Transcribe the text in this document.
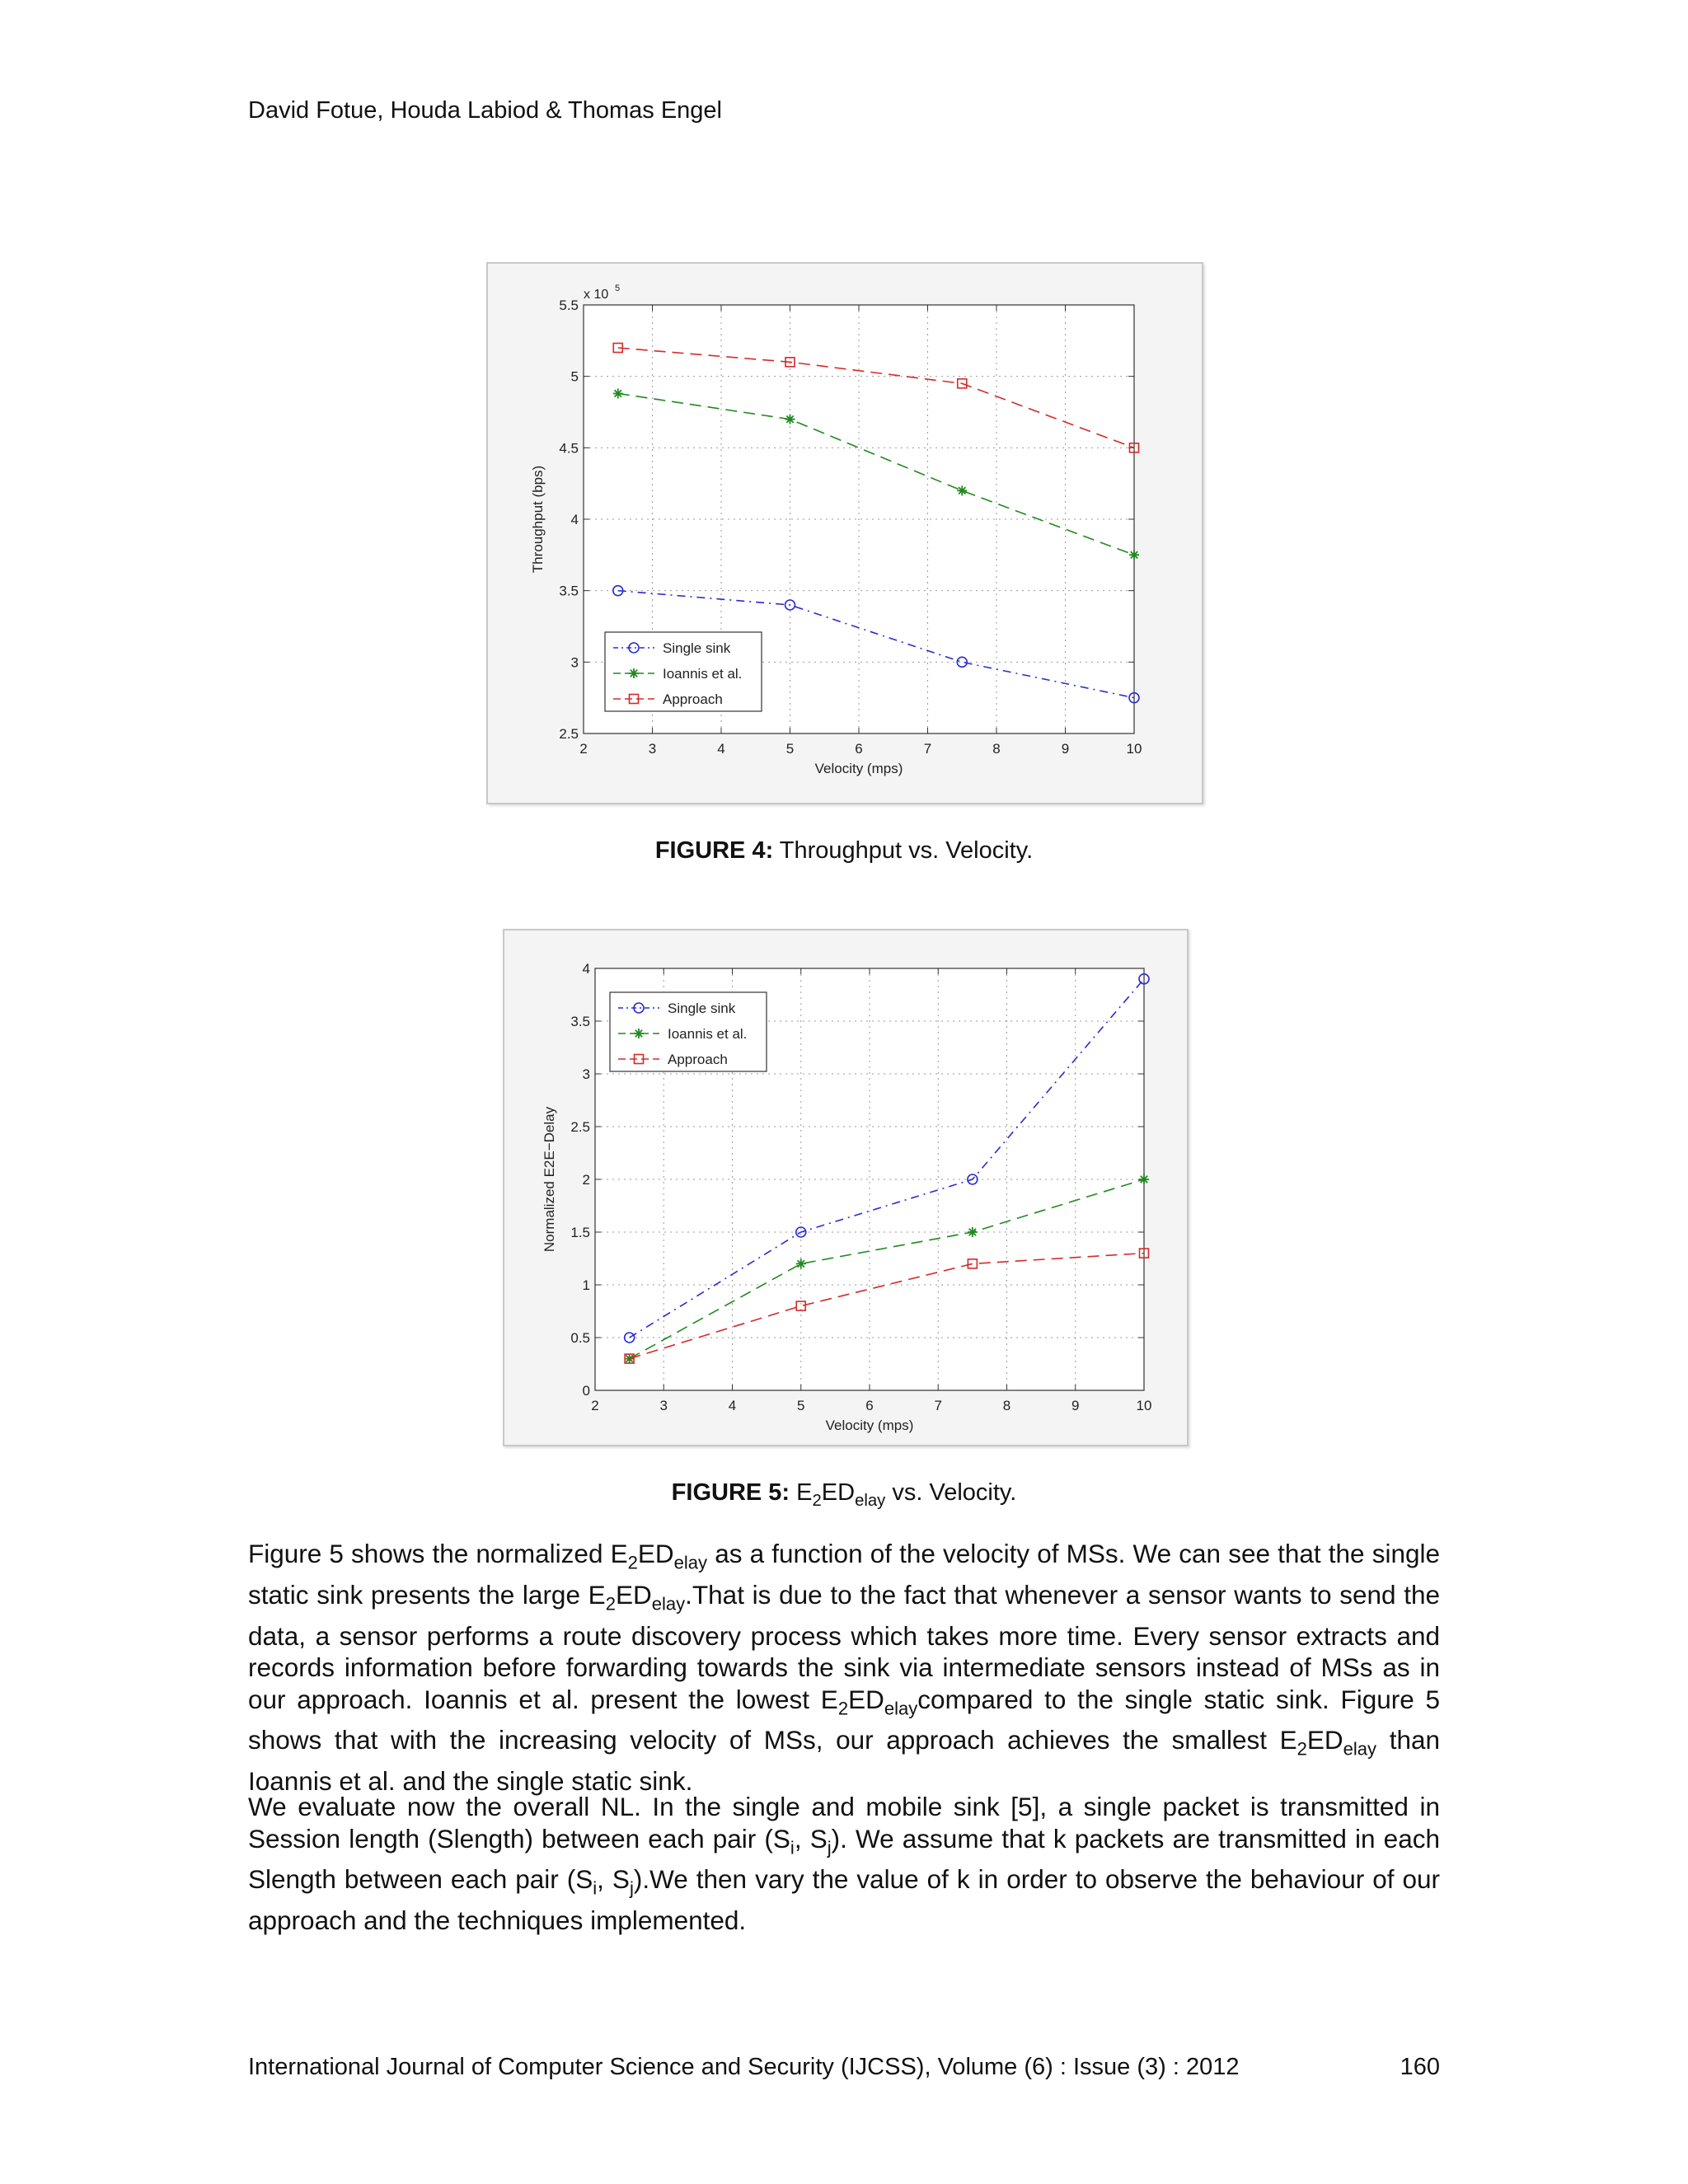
David Fotue, Houda Labiod & Thomas Engel
2	3	4	5	6	7	8	9	10
2.5
3
3.5
4
4.5
5
5.5
Velocity (mps)
Throughput (bps)
x 10 5
Single sink
Ioannis et al.
Approach
FIGURE 4: Throughput vs. Velocity.
2	3	4	5	6	7	8	9	10
0
0.5
1
1.5
2
2.5
3
3.5
4
Velocity (mps)
Normalized E2E−Delay
Single sink
Ioannis et al.
Approach
FIGURE 5: $E_2ED_{elay}$ vs. Velocity.
Figure 5 shows the normalized $E_2ED_{elay}$ as a function of the velocity of MSs. We can see that the single static sink presents the large $E_2ED_{elay}.That$ is due to the fact that whenever a sensor wants to send the data, a sensor performs a route discovery process which takes more time. Every sensor extracts and records information before forwarding towards the sink via intermediate sensors instead of MSs as in our approach. Ioannis et al. present the lowest $E_2ED_{elay}compared$ to the single static sink. Figure 5 shows that with the increasing velocity of MSs, our approach achieves the smallest $E_2ED_{elay}$ than Ioannis et al. and the single static sink.
We evaluate now the overall NL. In the single and mobile sink [5], a single packet is transmitted in Session length (Slength) between each pair ($S_i$, $S_j$). We assume that k packets are transmitted in each Slength between each pair ($S_i$, $S_j).We$ then vary the value of k in order to observe the behaviour of our approach and the techniques implemented.
International Journal of Computer Science and Security (IJCSS), Volume (6) : Issue (3) : 2012	160
